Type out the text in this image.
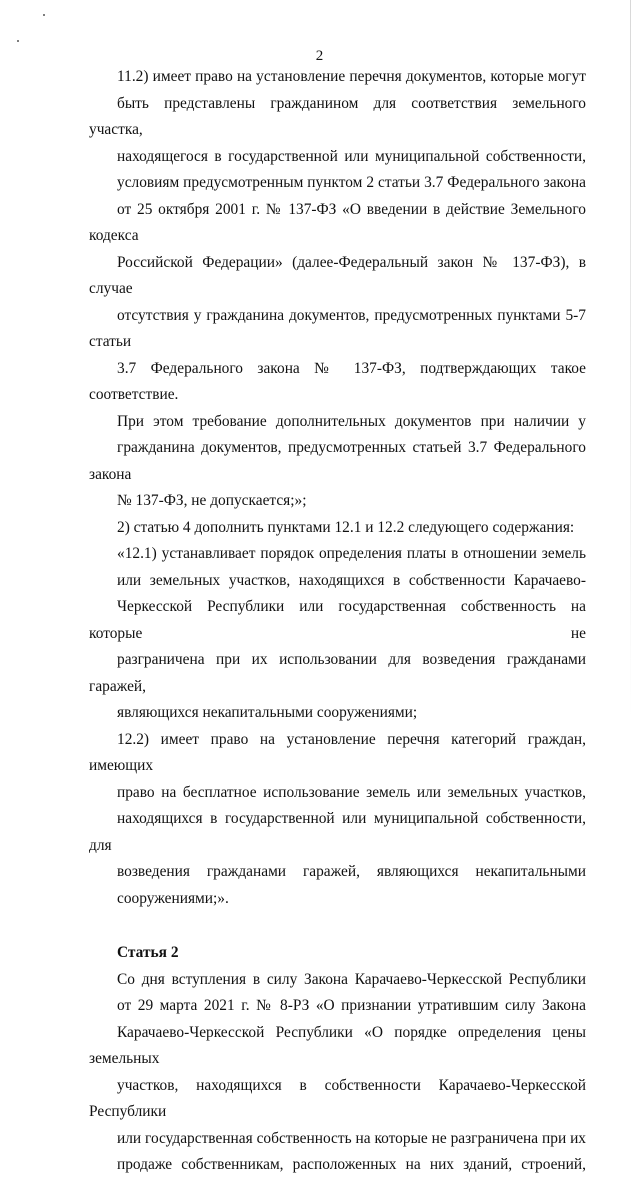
2

11.2) имеет право на установление перечня документов, которые могут
быть представлены гражданином для соответствия земельного участка,
находящегося в государственной или муниципальной собственности,
условиям предусмотренным пунктом 2 статьи 3.7 Федерального закона
от 25 октября 2001 г. № 137-ФЗ «О введении в действие Земельного кодекса
Российской Федерации» (далее-Федеральный закон № 137-ФЗ), в случае
отсутствия у гражданина документов, предусмотренных пунктами 5-7 статьи
3.7 Федерального закона № 137-ФЗ, подтверждающих такое соответствие.
При этом требование дополнительных документов при наличии у
гражданина документов, предусмотренных статьей 3.7 Федерального закона
№ 137-ФЗ, не допускается;»;

2) статью 4 дополнить пунктами 12.1 и 12.2 следующего содержания:

«12.1) устанавливает порядок определения платы в отношении земель
или земельных участков, находящихся в собственности Карачаево-
Черкесской Республики или государственная собственность на которые не
разграничена при их использовании для возведения гражданами гаражей,
являющихся некапитальными сооружениями;

12.2) имеет право на установление перечня категорий граждан, имеющих
право на бесплатное использование земель или земельных участков,
находящихся в государственной или муниципальной собственности, для
возведения гражданами гаражей, являющихся некапитальными
сооружениями;».

Статья 2

Со дня вступления в силу Закона Карачаево-Черкесской Республики
от 29 марта 2021 г. № 8-РЗ «О признании утратившим силу Закона
Карачаево-Черкесской Республики «О порядке определения цены земельных
участков, находящихся в собственности Карачаево-Черкесской Республики
или государственная собственность на которые не разграничена при их
продаже собственникам, расположенных на них зданий, строений,
